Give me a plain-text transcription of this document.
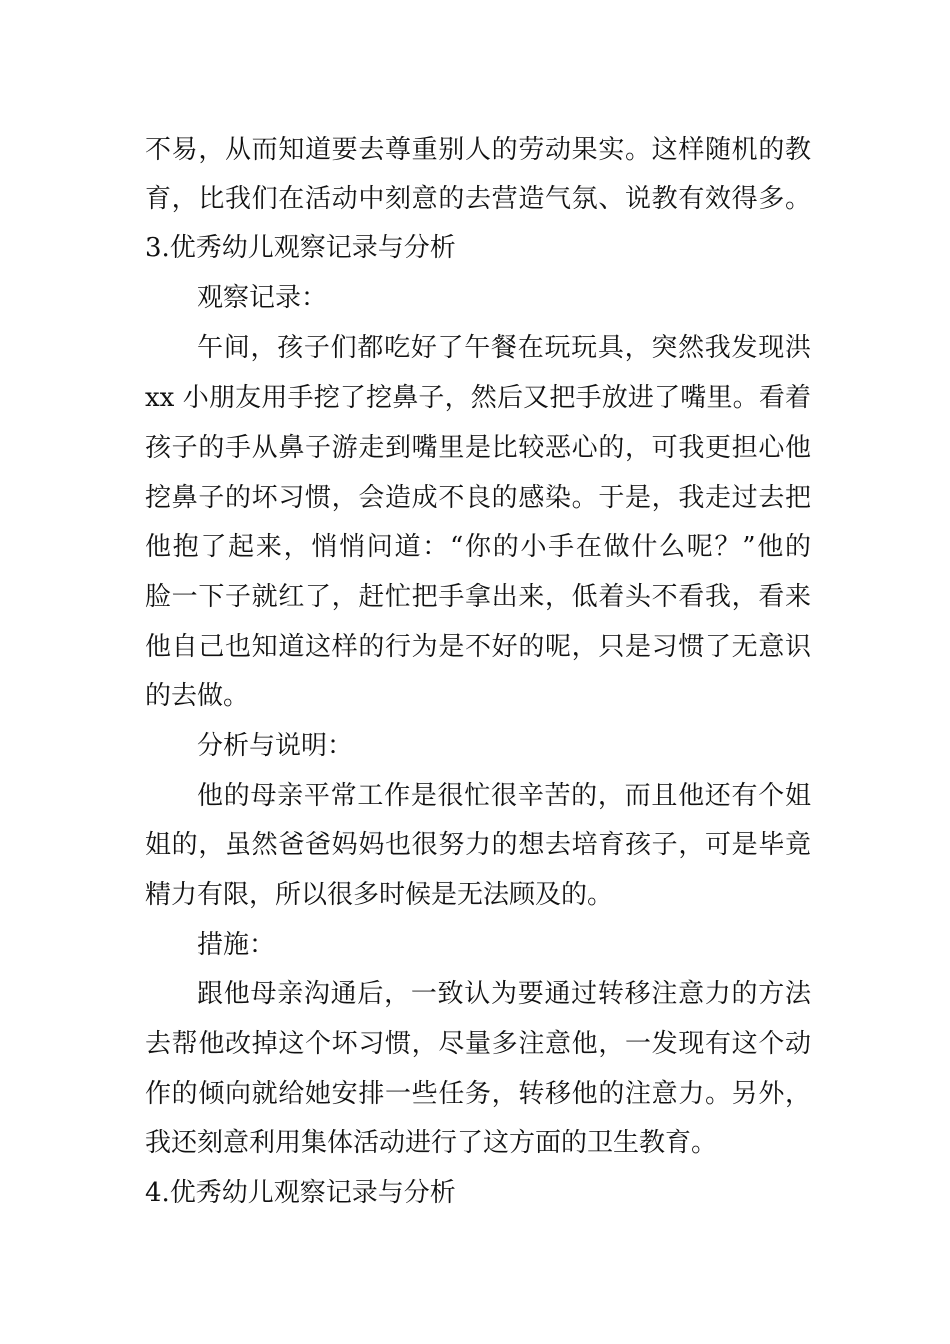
不易，从而知道要去尊重别人的劳动果实。这样随机的教
育，比我们在活动中刻意的去营造气氛、说教有效得多。
3.优秀幼儿观察记录与分析
观察记录：
午间，孩子们都吃好了午餐在玩玩具，突然我发现洪
xx 小朋友用手挖了挖鼻子，然后又把手放进了嘴里。看着
孩子的手从鼻子游走到嘴里是比较恶心的，可我更担心他
挖鼻子的坏习惯，会造成不良的感染。于是，我走过去把
他抱了起来，悄悄问道：“你的小手在做什么呢？”他的
脸一下子就红了，赶忙把手拿出来，低着头不看我，看来
他自己也知道这样的行为是不好的呢，只是习惯了无意识
的去做。
分析与说明：
他的母亲平常工作是很忙很辛苦的，而且他还有个姐
姐的，虽然爸爸妈妈也很努力的想去培育孩子，可是毕竟
精力有限，所以很多时候是无法顾及的。
措施：
跟他母亲沟通后，一致认为要通过转移注意力的方法
去帮他改掉这个坏习惯，尽量多注意他，一发现有这个动
作的倾向就给她安排一些任务，转移他的注意力。另外，
我还刻意利用集体活动进行了这方面的卫生教育。
4.优秀幼儿观察记录与分析
